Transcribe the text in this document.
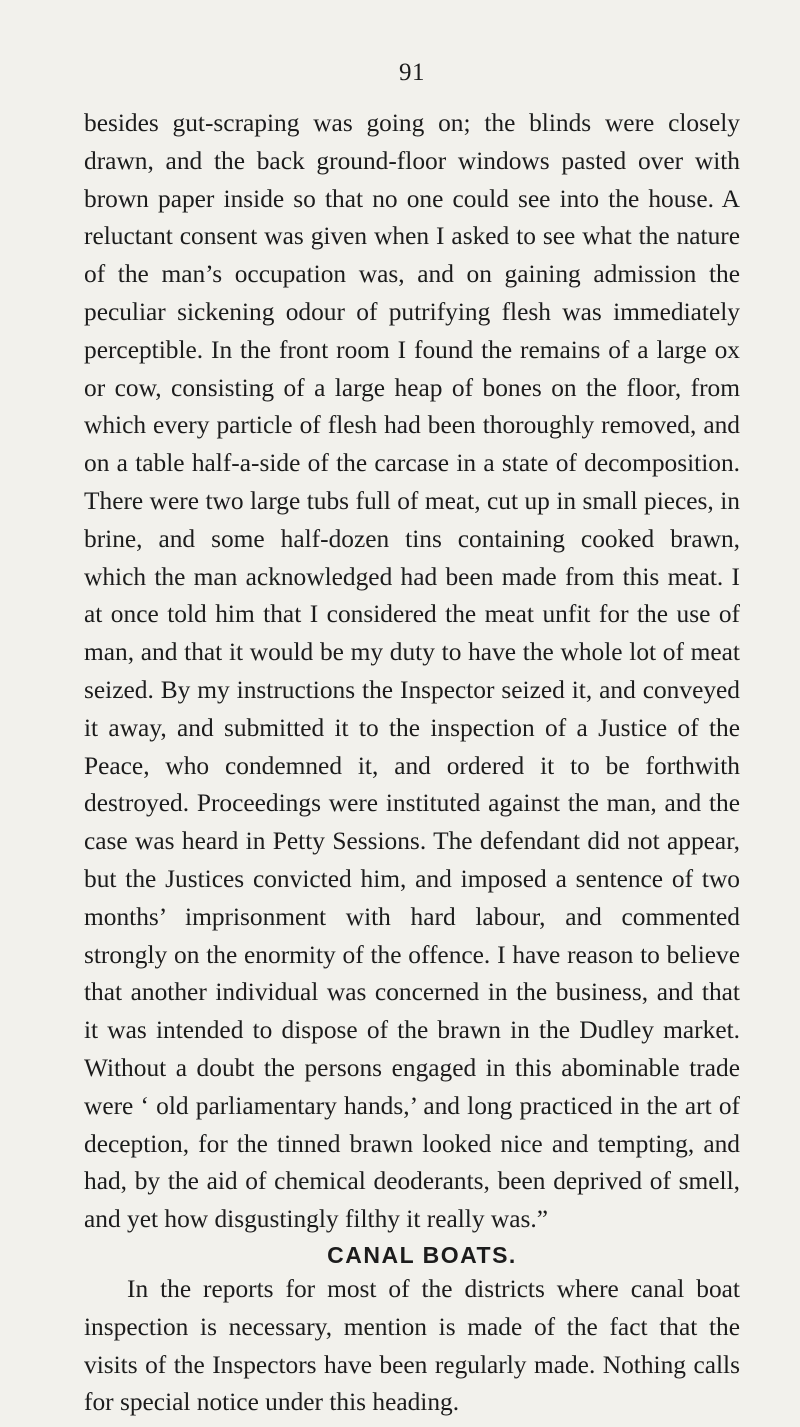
91

besides gut-scraping was going on; the blinds were closely drawn, and the back ground-floor windows pasted over with brown paper inside so that no one could see into the house. A reluctant consent was given when I asked to see what the nature of the man’s occupation was, and on gaining admission the peculiar sickening odour of putrifying flesh was immediately perceptible. In the front room I found the remains of a large ox or cow, consisting of a large heap of bones on the floor, from which every particle of flesh had been thoroughly removed, and on a table half-a-side of the carcase in a state of decomposition. There were two large tubs full of meat, cut up in small pieces, in brine, and some half-dozen tins containing cooked brawn, which the man acknowledged had been made from this meat. I at once told him that I considered the meat unfit for the use of man, and that it would be my duty to have the whole lot of meat seized. By my instructions the Inspector seized it, and conveyed it away, and submitted it to the inspection of a Justice of the Peace, who condemned it, and ordered it to be forthwith destroyed. Proceedings were instituted against the man, and the case was heard in Petty Sessions. The defendant did not appear, but the Justices convicted him, and imposed a sentence of two months’ imprisonment with hard labour, and commented strongly on the enormity of the offence. I have reason to believe that another individual was concerned in the business, and that it was intended to dispose of the brawn in the Dudley market. Without a doubt the persons engaged in this abominable trade were ‘ old parliamentary hands,’ and long practiced in the art of deception, for the tinned brawn looked nice and tempting, and had, by the aid of chemical deoderants, been deprived of smell, and yet how disgustingly filthy it really was.”

CANAL BOATS.

In the reports for most of the districts where canal boat inspection is necessary, mention is made of the fact that the visits of the Inspectors have been regularly made. Nothing calls for special notice under this heading.
